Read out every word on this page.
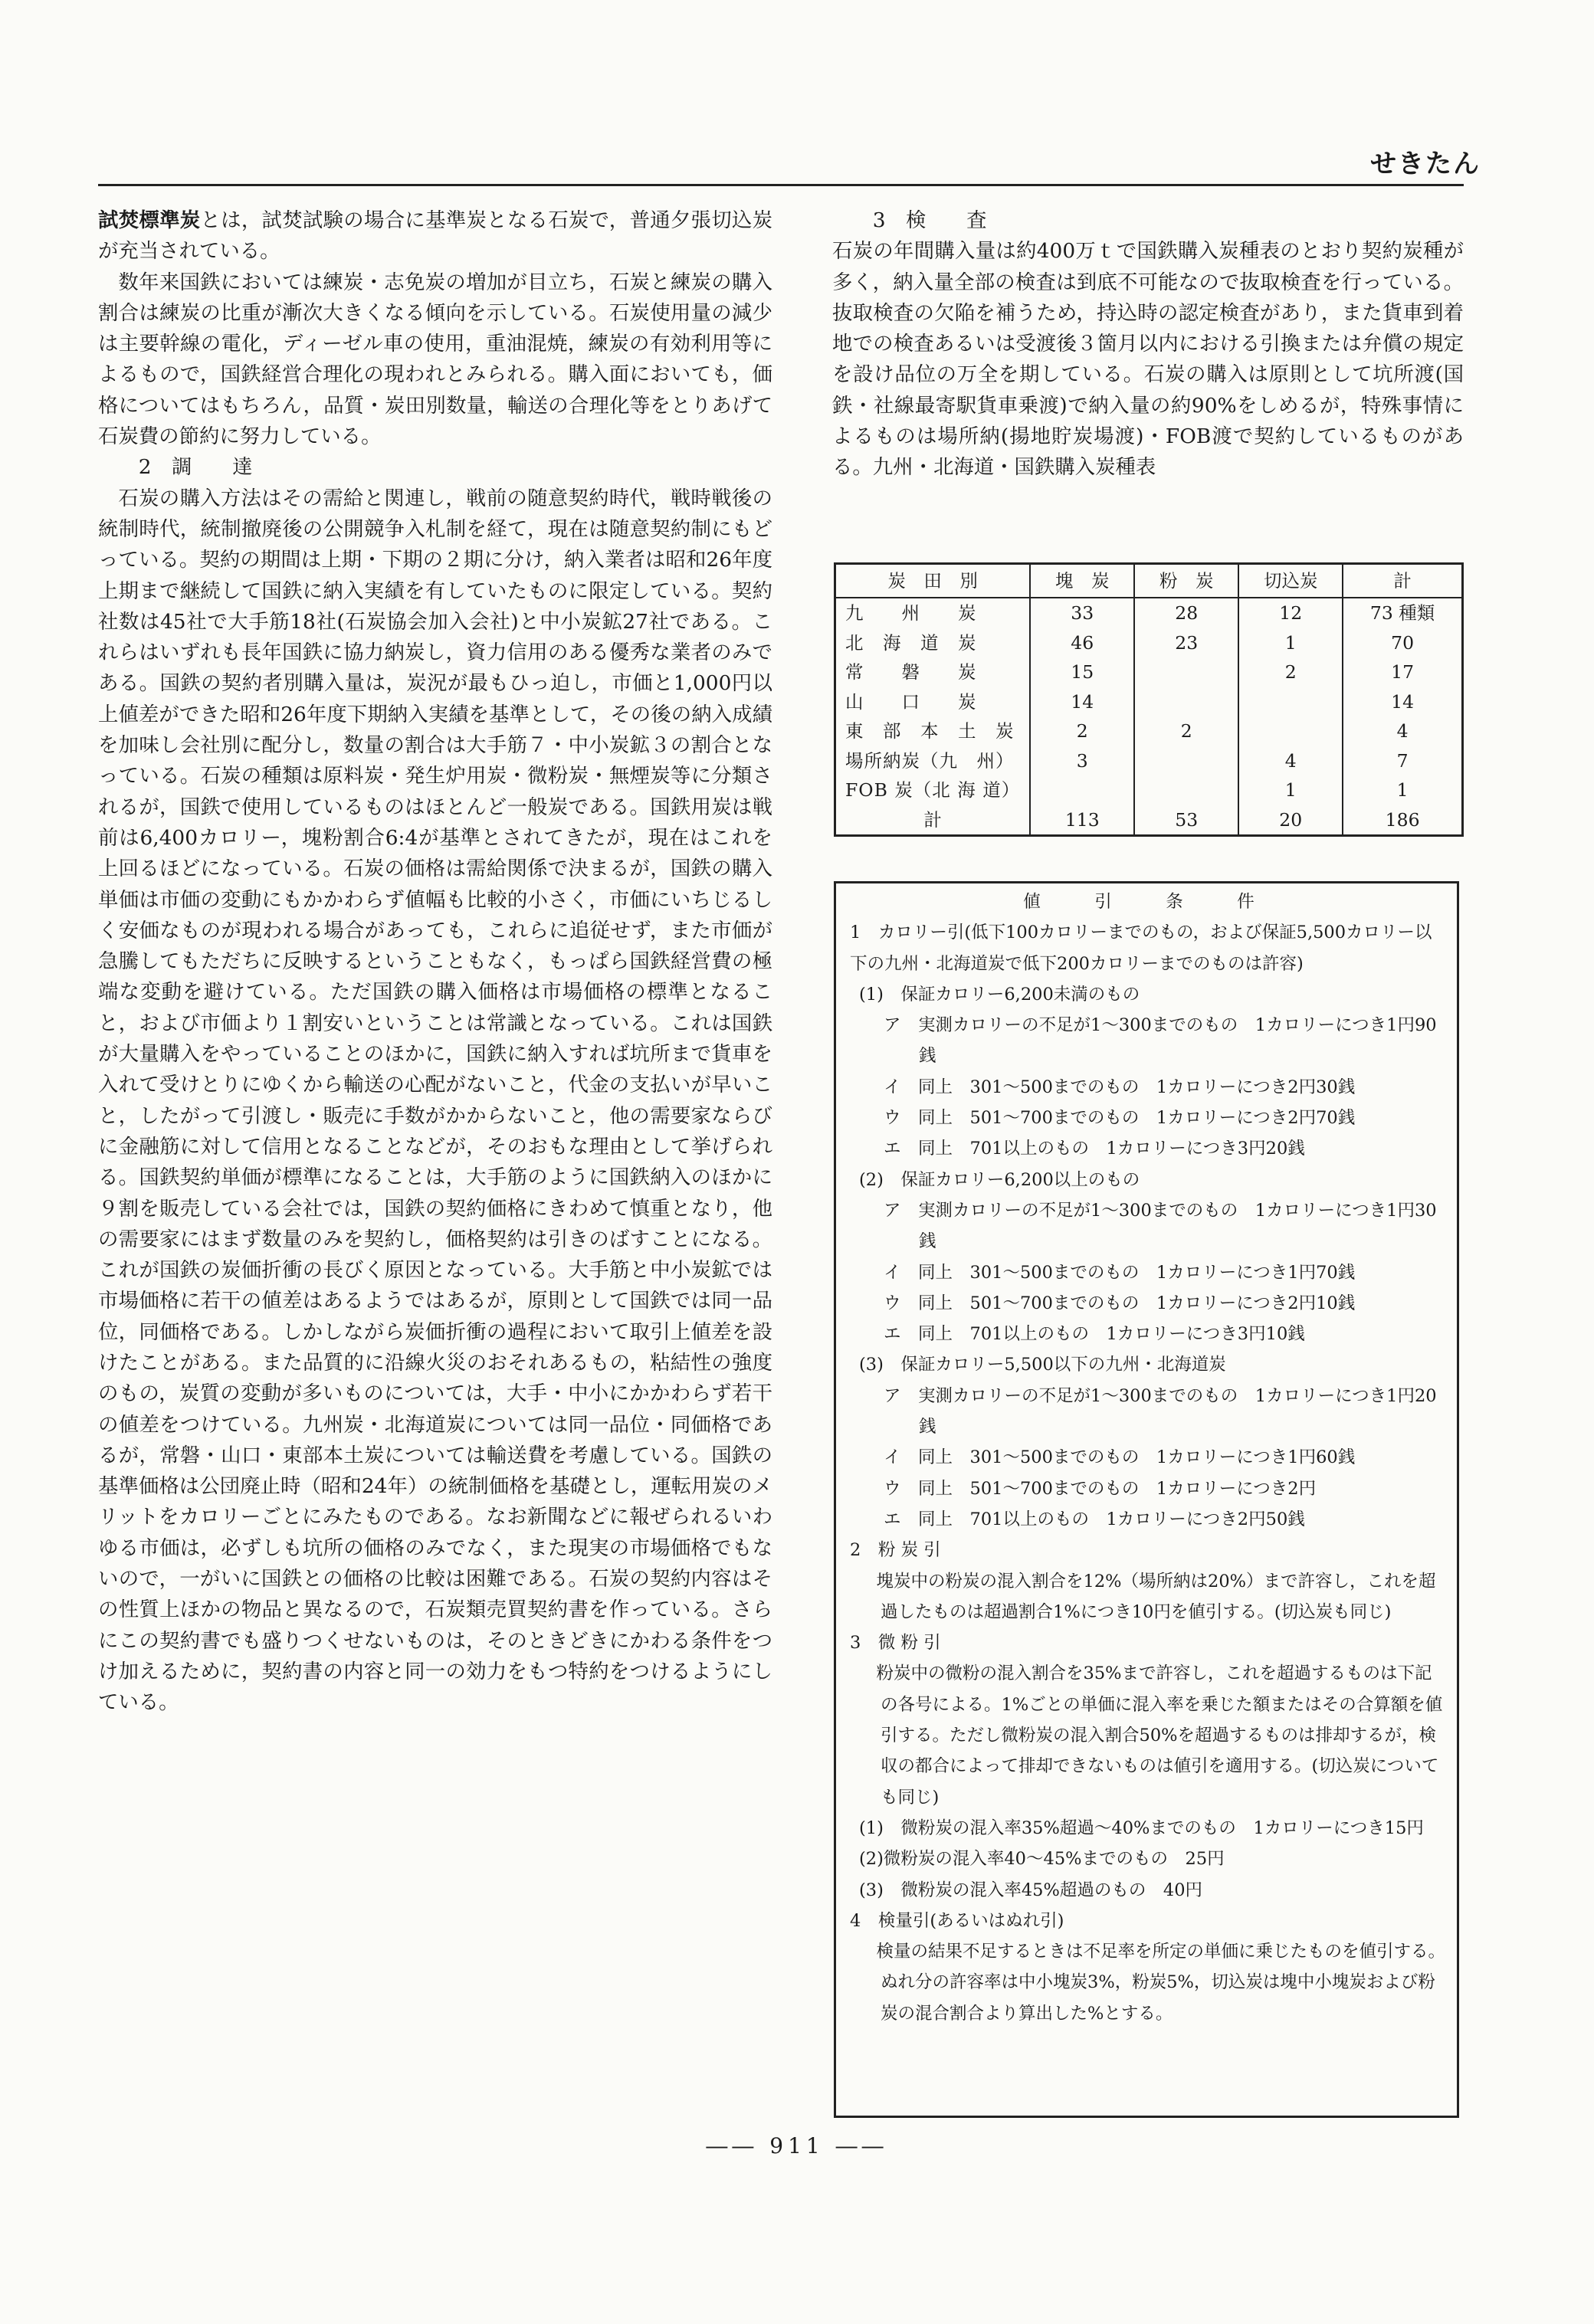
せきたん

試焚標準炭とは，試焚試験の場合に基準炭となる石炭で，普通夕張切込炭が充当されている。

数年来国鉄においては練炭・志免炭の増加が目立ち，石炭と練炭の購入割合は練炭の比重が漸次大きくなる傾向を示している。石炭使用量の減少は主要幹線の電化，ディーゼル車の使用，重油混焼，練炭の有効利用等によるもので，国鉄経営合理化の現われとみられる。購入面においても，価格についてはもちろん，品質・炭田別数量，輸送の合理化等をとりあげて石炭費の節約に努力している。

2　調　　達

石炭の購入方法はその需給と関連し，戦前の随意契約時代，戦時戦後の統制時代，統制撤廃後の公開競争入札制を経て，現在は随意契約制にもどっている。契約の期間は上期・下期の２期に分け，納入業者は昭和26年度上期まで継続して国鉄に納入実績を有していたものに限定している。契約社数は45社で大手筋18社(石炭協会加入会社)と中小炭鉱27社である。これらはいずれも長年国鉄に協力納炭し，資力信用のある優秀な業者のみである。国鉄の契約者別購入量は，炭況が最もひっ迫し，市価と1,000円以上値差ができた昭和26年度下期納入実績を基準として，その後の納入成績を加味し会社別に配分し，数量の割合は大手筋７・中小炭鉱３の割合となっている。石炭の種類は原料炭・発生炉用炭・微粉炭・無煙炭等に分類されるが，国鉄で使用しているものはほとんど一般炭である。国鉄用炭は戦前は6,400カロリー，塊粉割合6:4が基準とされてきたが，現在はこれを上回るほどになっている。石炭の価格は需給関係で決まるが，国鉄の購入単価は市価の変動にもかかわらず値幅も比較的小さく，市価にいちじるしく安価なものが現われる場合があっても，これらに追従せず，また市価が急騰してもただちに反映するということもなく，もっぱら国鉄経営費の極端な変動を避けている。ただ国鉄の購入価格は市場価格の標準となること，および市価より１割安いということは常識となっている。これは国鉄が大量購入をやっていることのほかに，国鉄に納入すれば坑所まで貨車を入れて受けとりにゆくから輸送の心配がないこと，代金の支払いが早いこと，したがって引渡し・販売に手数がかからないこと，他の需要家ならびに金融筋に対して信用となることなどが，そのおもな理由として挙げられる。国鉄契約単価が標準になることは，大手筋のように国鉄納入のほかに９割を販売している会社では，国鉄の契約価格にきわめて慎重となり，他の需要家にはまず数量のみを契約し，価格契約は引きのばすことになる。これが国鉄の炭価折衝の長びく原因となっている。大手筋と中小炭鉱では市場価格に若干の値差はあるようではあるが，原則として国鉄では同一品位，同価格である。しかしながら炭価折衝の過程において取引上値差を設けたことがある。また品質的に沿線火災のおそれあるもの，粘結性の強度のもの，炭質の変動が多いものについては，大手・中小にかかわらず若干の値差をつけている。九州炭・北海道炭については同一品位・同価格であるが，常磐・山口・東部本土炭については輸送費を考慮している。国鉄の基準価格は公団廃止時（昭和24年）の統制価格を基礎とし，運転用炭のメリットをカロリーごとにみたものである。なお新聞などに報ぜられるいわゆる市価は，必ずしも坑所の価格のみでなく，また現実の市場価格でもないので，一がいに国鉄との価格の比較は困難である。石炭の契約内容はその性質上ほかの物品と異なるので，石炭類売買契約書を作っている。さらにこの契約書でも盛りつくせないものは，そのときどきにかわる条件をつけ加えるために，契約書の内容と同一の効力をもつ特約をつけるようにしている。

3　検　　査

石炭の年間購入量は約400万ｔで国鉄購入炭種表のとおり契約炭種が多く，納入量全部の検査は到底不可能なので抜取検査を行っている。抜取検査の欠陥を補うため，持込時の認定検査があり，また貨車到着地での検査あるいは受渡後３箇月以内における引換または弁償の規定を設け品位の万全を期している。石炭の購入は原則として坑所渡(国鉄・社線最寄駅貨車乗渡)で納入量の約90%をしめるが，特殊事情によるものは場所納(揚地貯炭場渡)・FOB渡で契約しているものがある。九州・北海道・国鉄購入炭種表

炭　田　別	塊　炭	粉　炭	切込炭	計
九　　州　　炭	33	28	12	73 種類
北　海　道　炭	46	23	1	70
常　　磐　　炭	15		2	17
山　　口　　炭	14			14
東　部　本　土　炭	2	2		4
場所納炭（九　州）	3		4	7
FOB 炭（北 海 道）			1	1
計	113	53	20	186
値　引　条　件
1　カロリー引(低下100カロリーまでのもの，および保証5,500カロリー以下の九州・北海道炭で低下200カロリーまでのものは許容)
(1)　保証カロリー6,200未満のもの
ア　実測カロリーの不足が1～300までのもの　1カロリーにつき1円90銭
イ　同上　301～500までのもの　1カロリーにつき2円30銭
ウ　同上　501～700までのもの　1カロリーにつき2円70銭
エ　同上　701以上のもの　1カロリーにつき3円20銭
(2)　保証カロリー6,200以上のもの
ア　実測カロリーの不足が1～300までのもの　1カロリーにつき1円30銭
イ　同上　301～500までのもの　1カロリーにつき1円70銭
ウ　同上　501～700までのもの　1カロリーにつき2円10銭
エ　同上　701以上のもの　1カロリーにつき3円10銭
(3)　保証カロリー5,500以下の九州・北海道炭
ア　実測カロリーの不足が1～300までのもの　1カロリーにつき1円20銭
イ　同上　301～500までのもの　1カロリーにつき1円60銭
ウ　同上　501～700までのもの　1カロリーにつき2円
エ　同上　701以上のもの　1カロリーにつき2円50銭
2　粉 炭 引
　塊炭中の粉炭の混入割合を12%（場所納は20%）まで許容し，これを超過したものは超過割合1%につき10円を値引する。(切込炭も同じ)
3　微 粉 引
　粉炭中の微粉の混入割合を35%まで許容し，これを超過するものは下記の各号による。1%ごとの単価に混入率を乗じた額またはその合算額を値引する。ただし微粉炭の混入割合50%を超過するものは排却するが，検収の都合によって排却できないものは値引を適用する。(切込炭についても同じ)
(1)　微粉炭の混入率35%超過～40%までのもの　1カロリーにつき15円
(2)微粉炭の混入率40～45%までのもの　25円
(3)　微粉炭の混入率45%超過のもの　40円
4　検量引(あるいはぬれ引)
　検量の結果不足するときは不足率を所定の単価に乗じたものを値引する。ぬれ分の許容率は中小塊炭3%，粉炭5%，切込炭は塊中小塊炭および粉炭の混合割合より算出した%とする。
―― 911 ――
